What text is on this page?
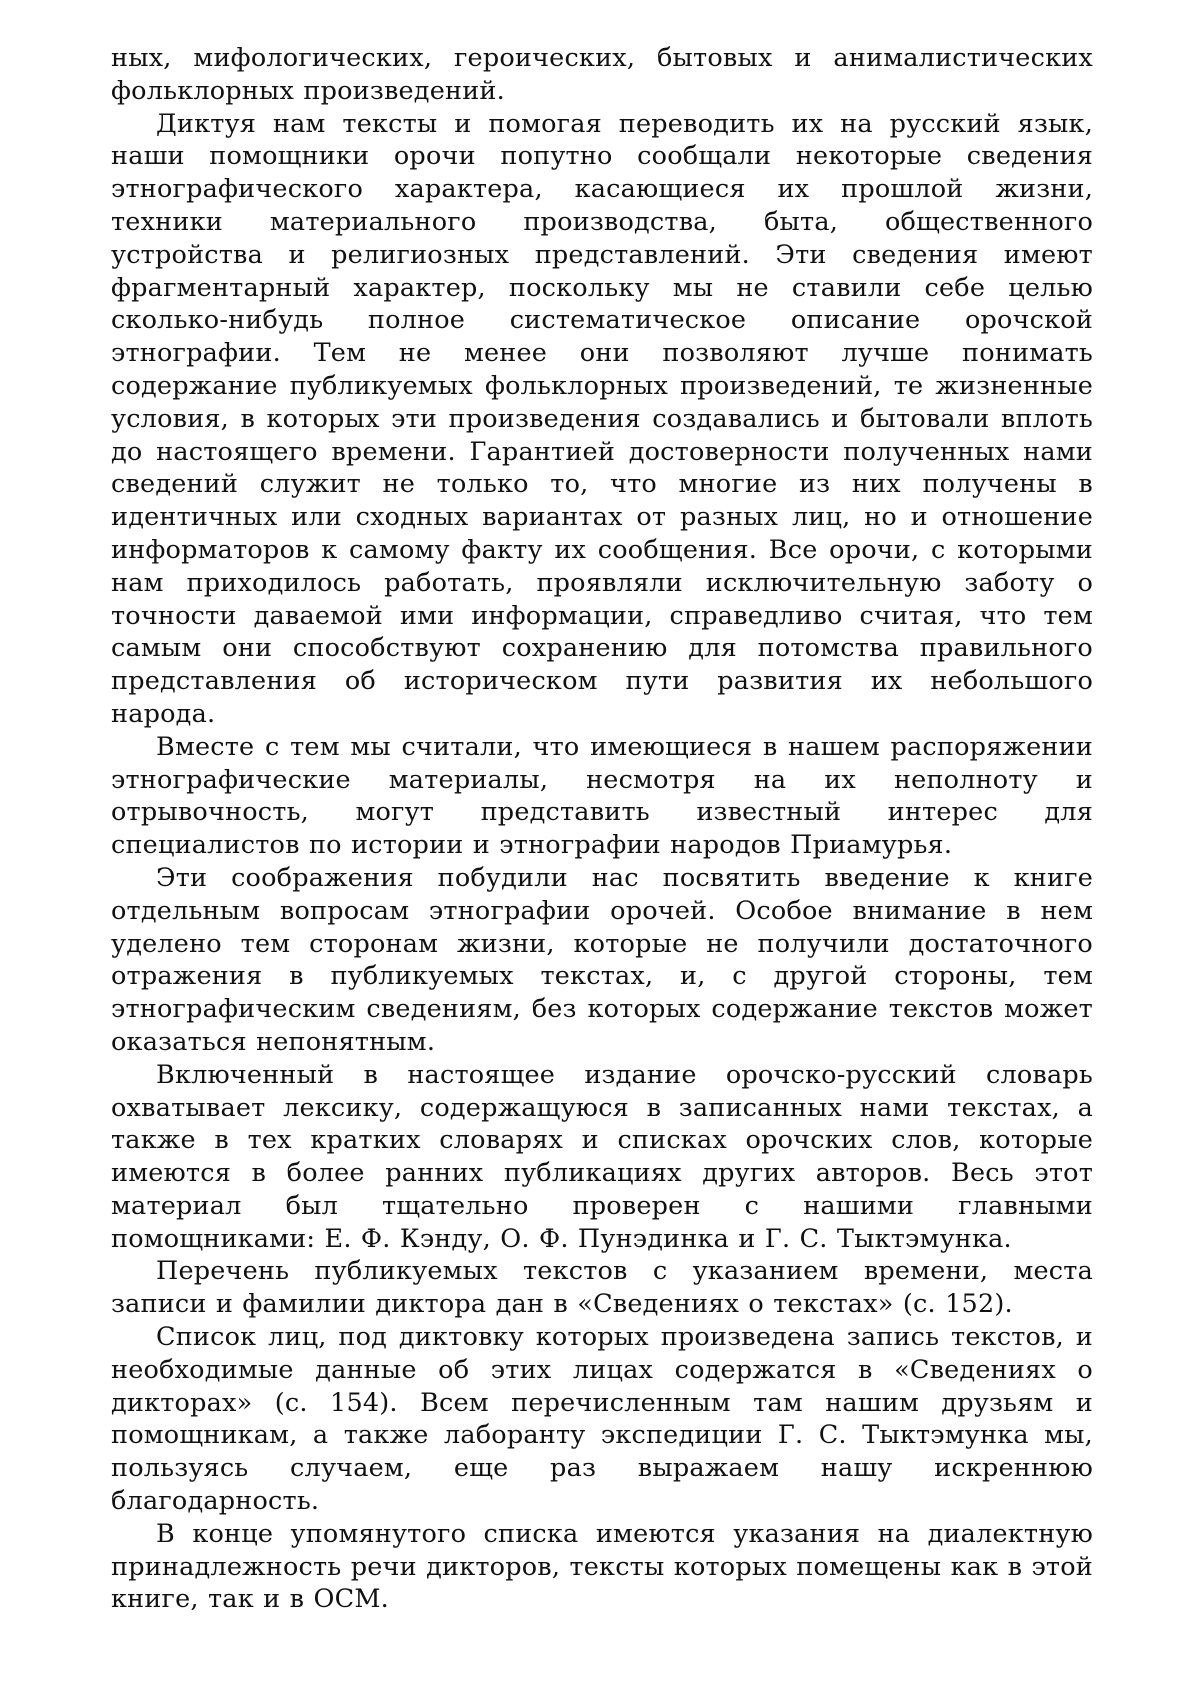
ных, мифологических, героических, бытовых и анималистических фольклорных произведений.

Диктуя нам тексты и помогая переводить их на русский язык, наши помощники орочи попутно сообщали некоторые сведения этнографического характера, касающиеся их прошлой жизни, техники материального производства, быта, общественного устройства и религиозных представлений. Эти сведения имеют фрагментарный характер, поскольку мы не ставили себе целью сколько-нибудь полное систематическое описание орочской этнографии. Тем не менее они позволяют лучше понимать содержание публикуемых фольклорных произведений, те жизненные условия, в которых эти произведения создавались и бытовали вплоть до настоящего времени. Гарантией достоверности полученных нами сведений служит не только то, что многие из них получены в идентичных или сходных вариантах от разных лиц, но и отношение информаторов к самому факту их сообщения. Все орочи, с которыми нам приходилось работать, проявляли исключительную заботу о точности даваемой ими информации, справедливо считая, что тем самым они способствуют сохранению для потомства правильного представления об историческом пути развития их небольшого народа.

Вместе с тем мы считали, что имеющиеся в нашем распоряжении этнографические материалы, несмотря на их неполноту и отрывочность, могут представить известный интерес для специалистов по истории и этнографии народов Приамурья.

Эти соображения побудили нас посвятить введение к книге отдельным вопросам этнографии орочей. Особое внимание в нем уделено тем сторонам жизни, которые не получили достаточного отражения в публикуемых текстах, и, с другой стороны, тем этнографическим сведениям, без которых содержание текстов может оказаться непонятным.

Включенный в настоящее издание орочско-русский словарь охватывает лексику, содержащуюся в записанных нами текстах, а также в тех кратких словарях и списках орочских слов, которые имеются в более ранних публикациях других авторов. Весь этот материал был тщательно проверен с нашими главными помощниками: Е. Ф. Кэнду, О. Ф. Пунэдинка и Г. С. Тыктэмунка.

Перечень публикуемых текстов с указанием времени, места записи и фамилии диктора дан в «Сведениях о текстах» (с. 152).

Список лиц, под диктовку которых произведена запись текстов, и необходимые данные об этих лицах содержатся в «Сведениях о дикторах» (с. 154). Всем перечисленным там нашим друзьям и помощникам, а также лаборанту экспедиции Г. С. Тыктэмунка мы, пользуясь случаем, еще раз выражаем нашу искреннюю благодарность.

В конце упомянутого списка имеются указания на диалектную принадлежность речи дикторов, тексты которых помещены как в этой книге, так и в ОСМ.
